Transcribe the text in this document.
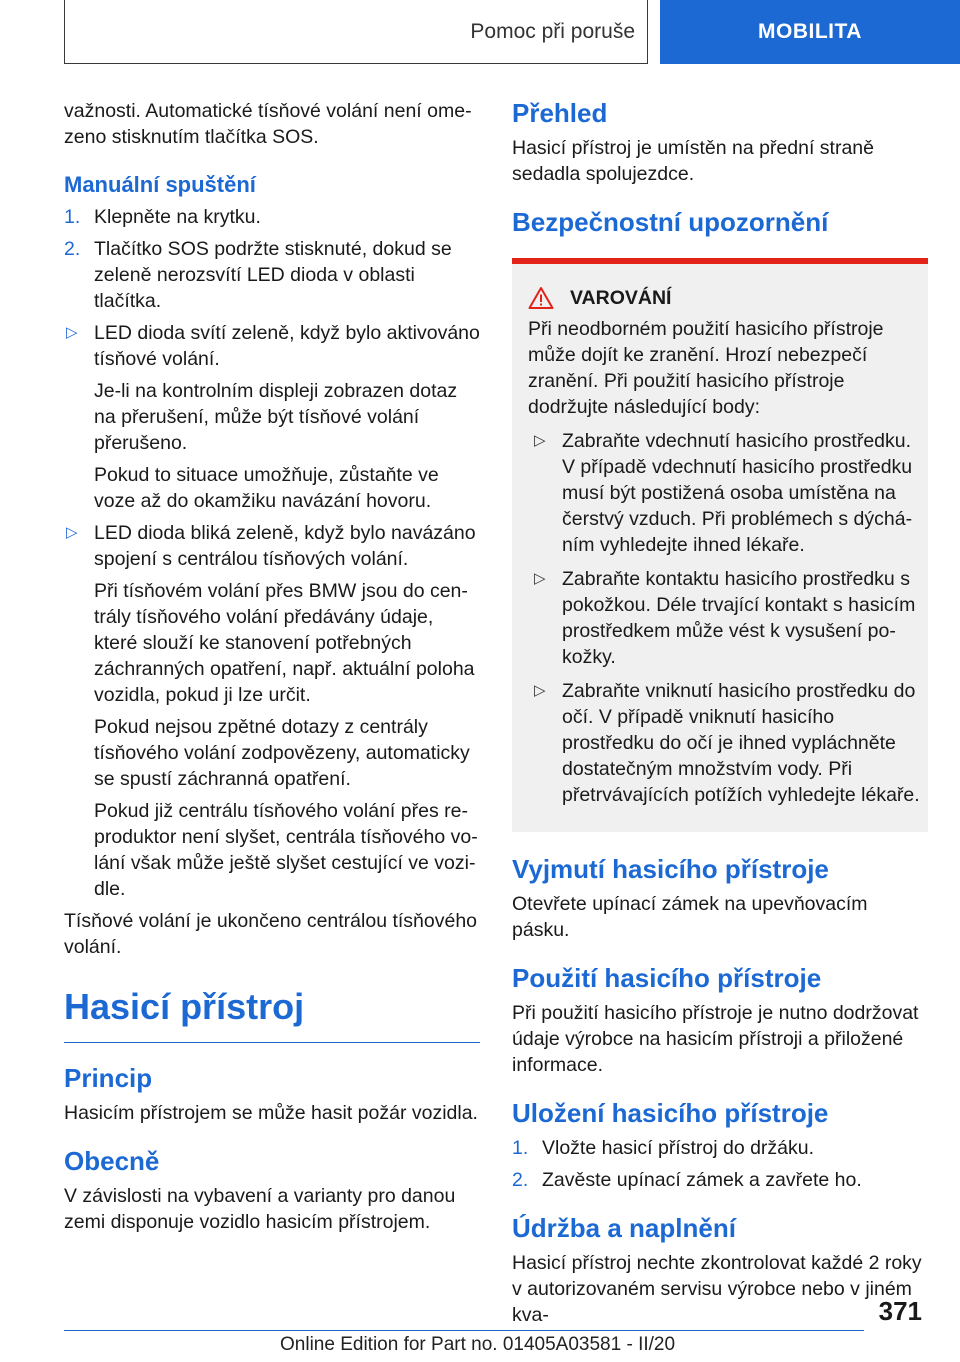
Pomoc při poruše	MOBILITA

važnosti. Automatické tísňové volání není omezeno stisknutím tlačítka SOS.

Manuální spuštění
1. Klepněte na krytku.
2. Tlačítko SOS podržte stisknuté, dokud se zeleně nerozsvítí LED dioda v oblasti tlačítka.
▷ LED dioda svítí zeleně, když bylo aktivováno tísňové volání.
Je-li na kontrolním displeji zobrazen dotaz na přerušení, může být tísňové volání přerušeno.
Pokud to situace umožňuje, zůstaňte ve voze až do okamžiku navázání hovoru.
▷ LED dioda bliká zeleně, když bylo navázáno spojení s centrálou tísňových volání.
Při tísňovém volání přes BMW jsou do centrály tísňového volání předávány údaje, které slouží ke stanovení potřebných záchranných opatření, např. aktuální poloha vozidla, pokud ji lze určit.
Pokud nejsou zpětné dotazy z centrály tísňového volání zodpovězeny, automaticky se spustí záchranná opatření.
Pokud již centrálu tísňového volání přes reproduktor není slyšet, centrála tísňového volání však může ještě slyšet cestující ve vozidle.

Tísňové volání je ukončeno centrálou tísňového volání.

Hasicí přístroj
Princip

Hasicím přístrojem se může hasit požár vozidla.

Obecně

V závislosti na vybavení a varianty pro danou zemi disponuje vozidlo hasicím přístrojem.

Přehled

Hasicí přístroj je umístěn na přední straně sedadla spolujezdce.

Bezpečnostní upozornění
VAROVÁNÍ

Při neodborném použití hasicího přístroje může dojít ke zranění. Hrozí nebezpečí zranění. Při použití hasicího přístroje dodržujte následující body:

▷ Zabraňte vdechnutí hasicího prostředku. V případě vdechnutí hasicího prostředku musí být postižená osoba umístěna na čerstvý vzduch. Při problémech s dýcháním vyhledejte ihned lékaře.
▷ Zabraňte kontaktu hasicího prostředku s pokožkou. Déle trvající kontakt s hasicím prostředkem může vést k vysušení pokožky.
▷ Zabraňte vniknutí hasicího prostředku do očí. V případě vniknutí hasicího prostředku do očí je ihned vypláchněte dostatečným množstvím vody. Při přetrvávajících potížích vyhledejte lékaře.
Vyjmutí hasicího přístroje

Otevřete upínací zámek na upevňovacím pásku.

Použití hasicího přístroje

Při použití hasicího přístroje je nutno dodržovat údaje výrobce na hasicím přístroji a přiložené informace.

Uložení hasicího přístroje
1. Vložte hasicí přístroj do držáku.
2. Zavěste upínací zámek a zavřete ho.
Údržba a naplnění

Hasicí přístroj nechte zkontrolovat každé 2 roky v autorizovaném servisu výrobce nebo v jiném kva-	371
Online Edition for Part no. 01405A03581 - II/20
